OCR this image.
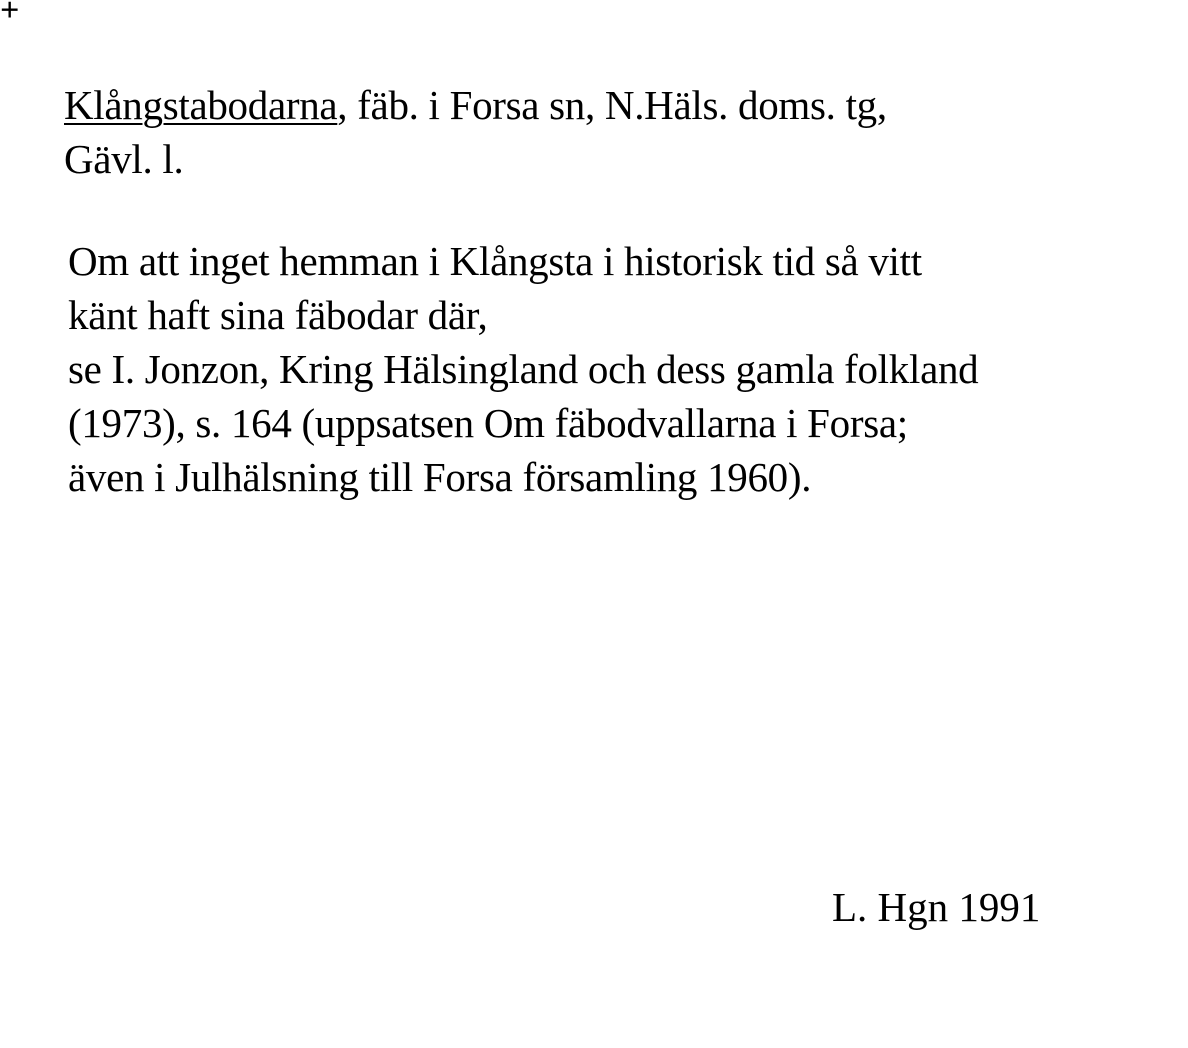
+
Klångstabodarna, fäb. i Forsa sn, N.Häls. doms. tg,
Gävl. l.
Om att inget hemman i Klångsta i historisk tid så vitt
känt haft sina fäbodar där,
se I. Jonzon, Kring Hälsingland och dess gamla folkland
(1973), s. 164 (uppsatsen Om fäbodvallarna i Forsa;
även i Julhälsning till Forsa församling 1960).
L. Hgn 1991
